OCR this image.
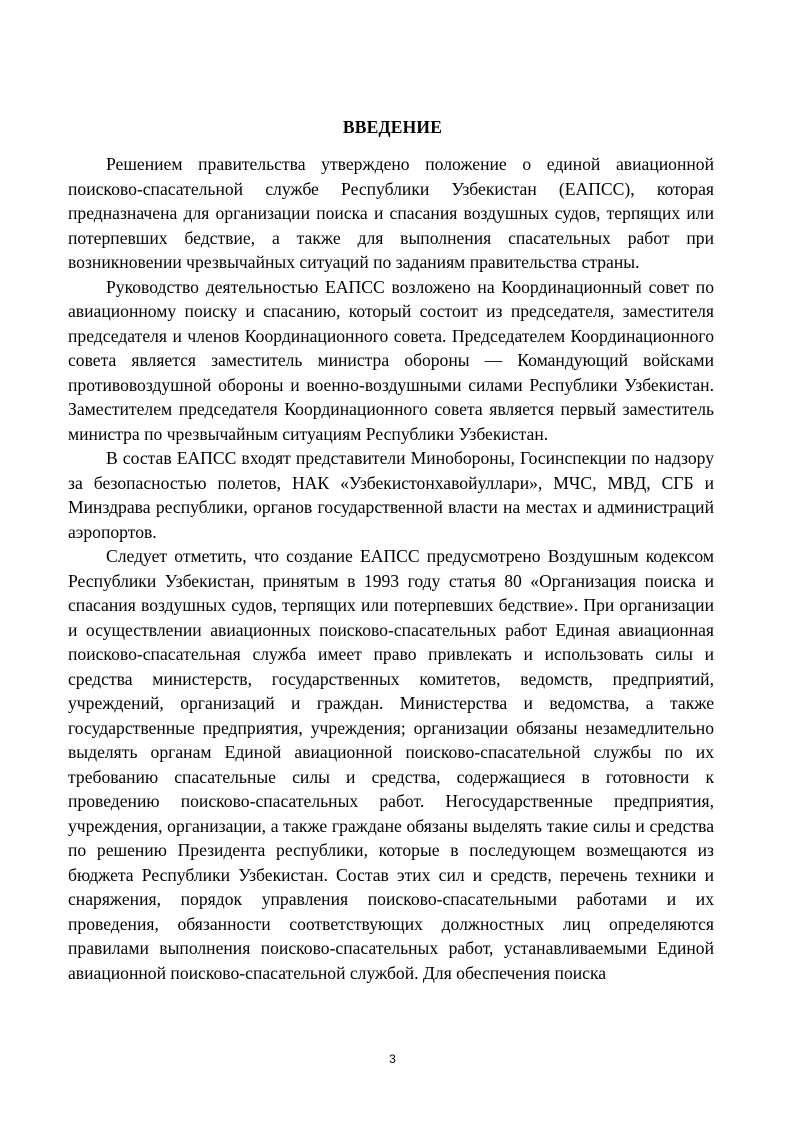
ВВЕДЕНИЕ

Решением правительства утверждено положение о единой авиационной поисково-спасательной службе Республики Узбекистан (ЕАПСС), которая предназначена для организации поиска и спасания воздушных судов, терпящих или потерпевших бедствие, а также для выполнения спасательных работ при возникновении чрезвычайных ситуаций по заданиям правительства страны.

Руководство деятельностью ЕАПСС возложено на Координационный совет по авиационному поиску и спасанию, который состоит из председателя, заместителя председателя и членов Координационного совета. Председателем Координационного совета является заместитель министра обороны — Командующий войсками противовоздушной обороны и военно-воздушными силами Республики Узбекистан. Заместителем председателя Координационного совета является первый заместитель министра по чрезвычайным ситуациям Республики Узбекистан.

В состав ЕАПСС входят представители Минобороны, Госинспекции по надзору за безопасностью полетов, НАК «Узбекистонхавойуллари», МЧС, МВД, СГБ и Минздрава республики, органов государственной власти на местах и администраций аэропортов.

Следует отметить, что создание ЕАПСС предусмотрено Воздушным кодексом Республики Узбекистан, принятым в 1993 году статья 80 «Организация поиска и спасания воздушных судов, терпящих или потерпевших бедствие». При организации и осуществлении авиационных поисково-спасательных работ Единая авиационная поисково-спасательная служба имеет право привлекать и использовать силы и средства министерств, государственных комитетов, ведомств, предприятий, учреждений, организаций и граждан. Министерства и ведомства, а также государственные предприятия, учреждения; организации обязаны незамедлительно выделять органам Единой авиационной поисково-спасательной службы по их требованию спасательные силы и средства, содержащиеся в готовности к проведению поисково-спасательных работ. Негосударственные предприятия, учреждения, организации, а также граждане обязаны выделять такие силы и средства по решению Президента республики, которые в последующем возмещаются из бюджета Республики Узбекистан. Состав этих сил и средств, перечень техники и снаряжения, порядок управления поисково-спасательными работами и их проведения, обязанности соответствующих должностных лиц определяются правилами выполнения поисково-спасательных работ, устанавливаемыми Единой авиационной поисково-спасательной службой. Для обеспечения поиска

3
